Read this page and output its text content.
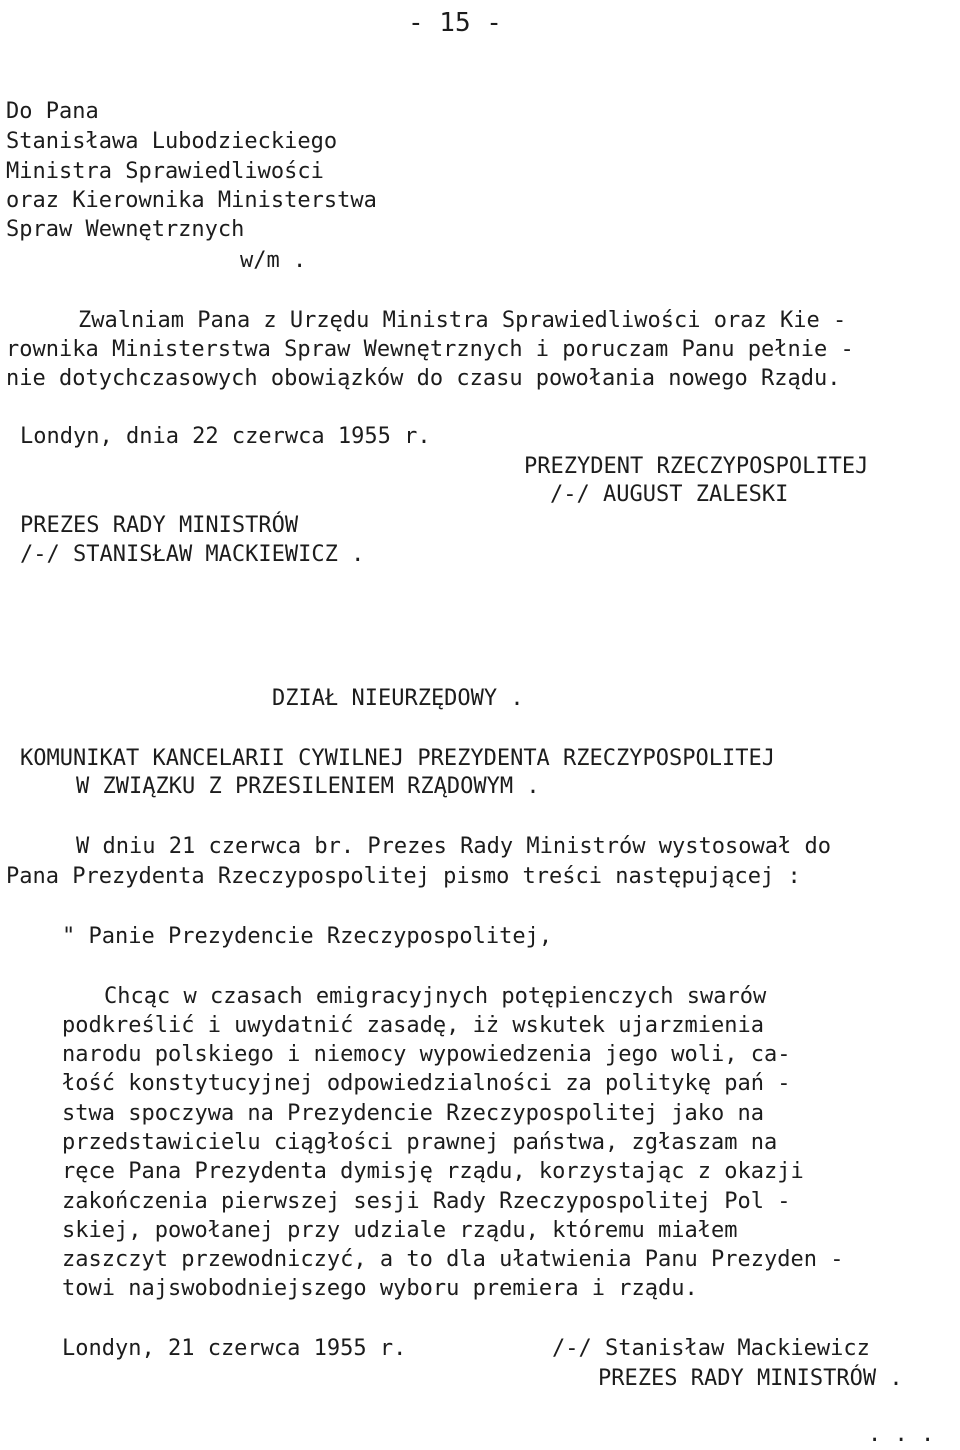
- 15 -
Do Pana
Stanisława Lubodzieckiego
Ministra Sprawiedliwości
oraz Kierownika Ministerstwa
Spraw Wewnętrznych
w/m .
Zwalniam Pana z Urzędu Ministra Sprawiedliwości oraz Kie -
rownika Ministerstwa Spraw Wewnętrznych i poruczam Panu pełnie -
nie dotychczasowych obowiązków do czasu powołania nowego Rządu.
Londyn, dnia 22 czerwca 1955 r.
PREZYDENT RZECZYPOSPOLITEJ
/-/ AUGUST ZALESKI
PREZES RADY MINISTRÓW
/-/ STANISŁAW MACKIEWICZ .
DZIAŁ NIEURZĘDOWY .
KOMUNIKAT KANCELARII CYWILNEJ PREZYDENTA RZECZYPOSPOLITEJ
W ZWIĄZKU Z PRZESILENIEM RZĄDOWYM .
W dniu 21 czerwca br. Prezes Rady Ministrów wystosował do
Pana Prezydenta Rzeczypospolitej pismo treści następującej :
" Panie Prezydencie Rzeczypospolitej,
Chcąc w czasach emigracyjnych potępienczych swarów
podkreślić i uwydatnić zasadę, iż wskutek ujarzmienia
narodu polskiego i niemocy wypowiedzenia jego woli, ca-
łość konstytucyjnej odpowiedzialności za politykę pań -
stwa spoczywa na Prezydencie Rzeczypospolitej jako na
przedstawicielu ciągłości prawnej państwa, zgłaszam na
ręce Pana Prezydenta dymisję rządu, korzystając z okazji
zakończenia pierwszej sesji Rady Rzeczypospolitej Pol -
skiej, powołanej przy udziale rządu, któremu miałem
zaszczyt przewodniczyć, a to dla ułatwienia Panu Prezyden -
towi najswobodniejszego wyboru premiera i rządu.
Londyn, 21 czerwca 1955 r.	/-/ Stanisław Mackiewicz
PREZES RADY MINISTRÓW .
. . .
